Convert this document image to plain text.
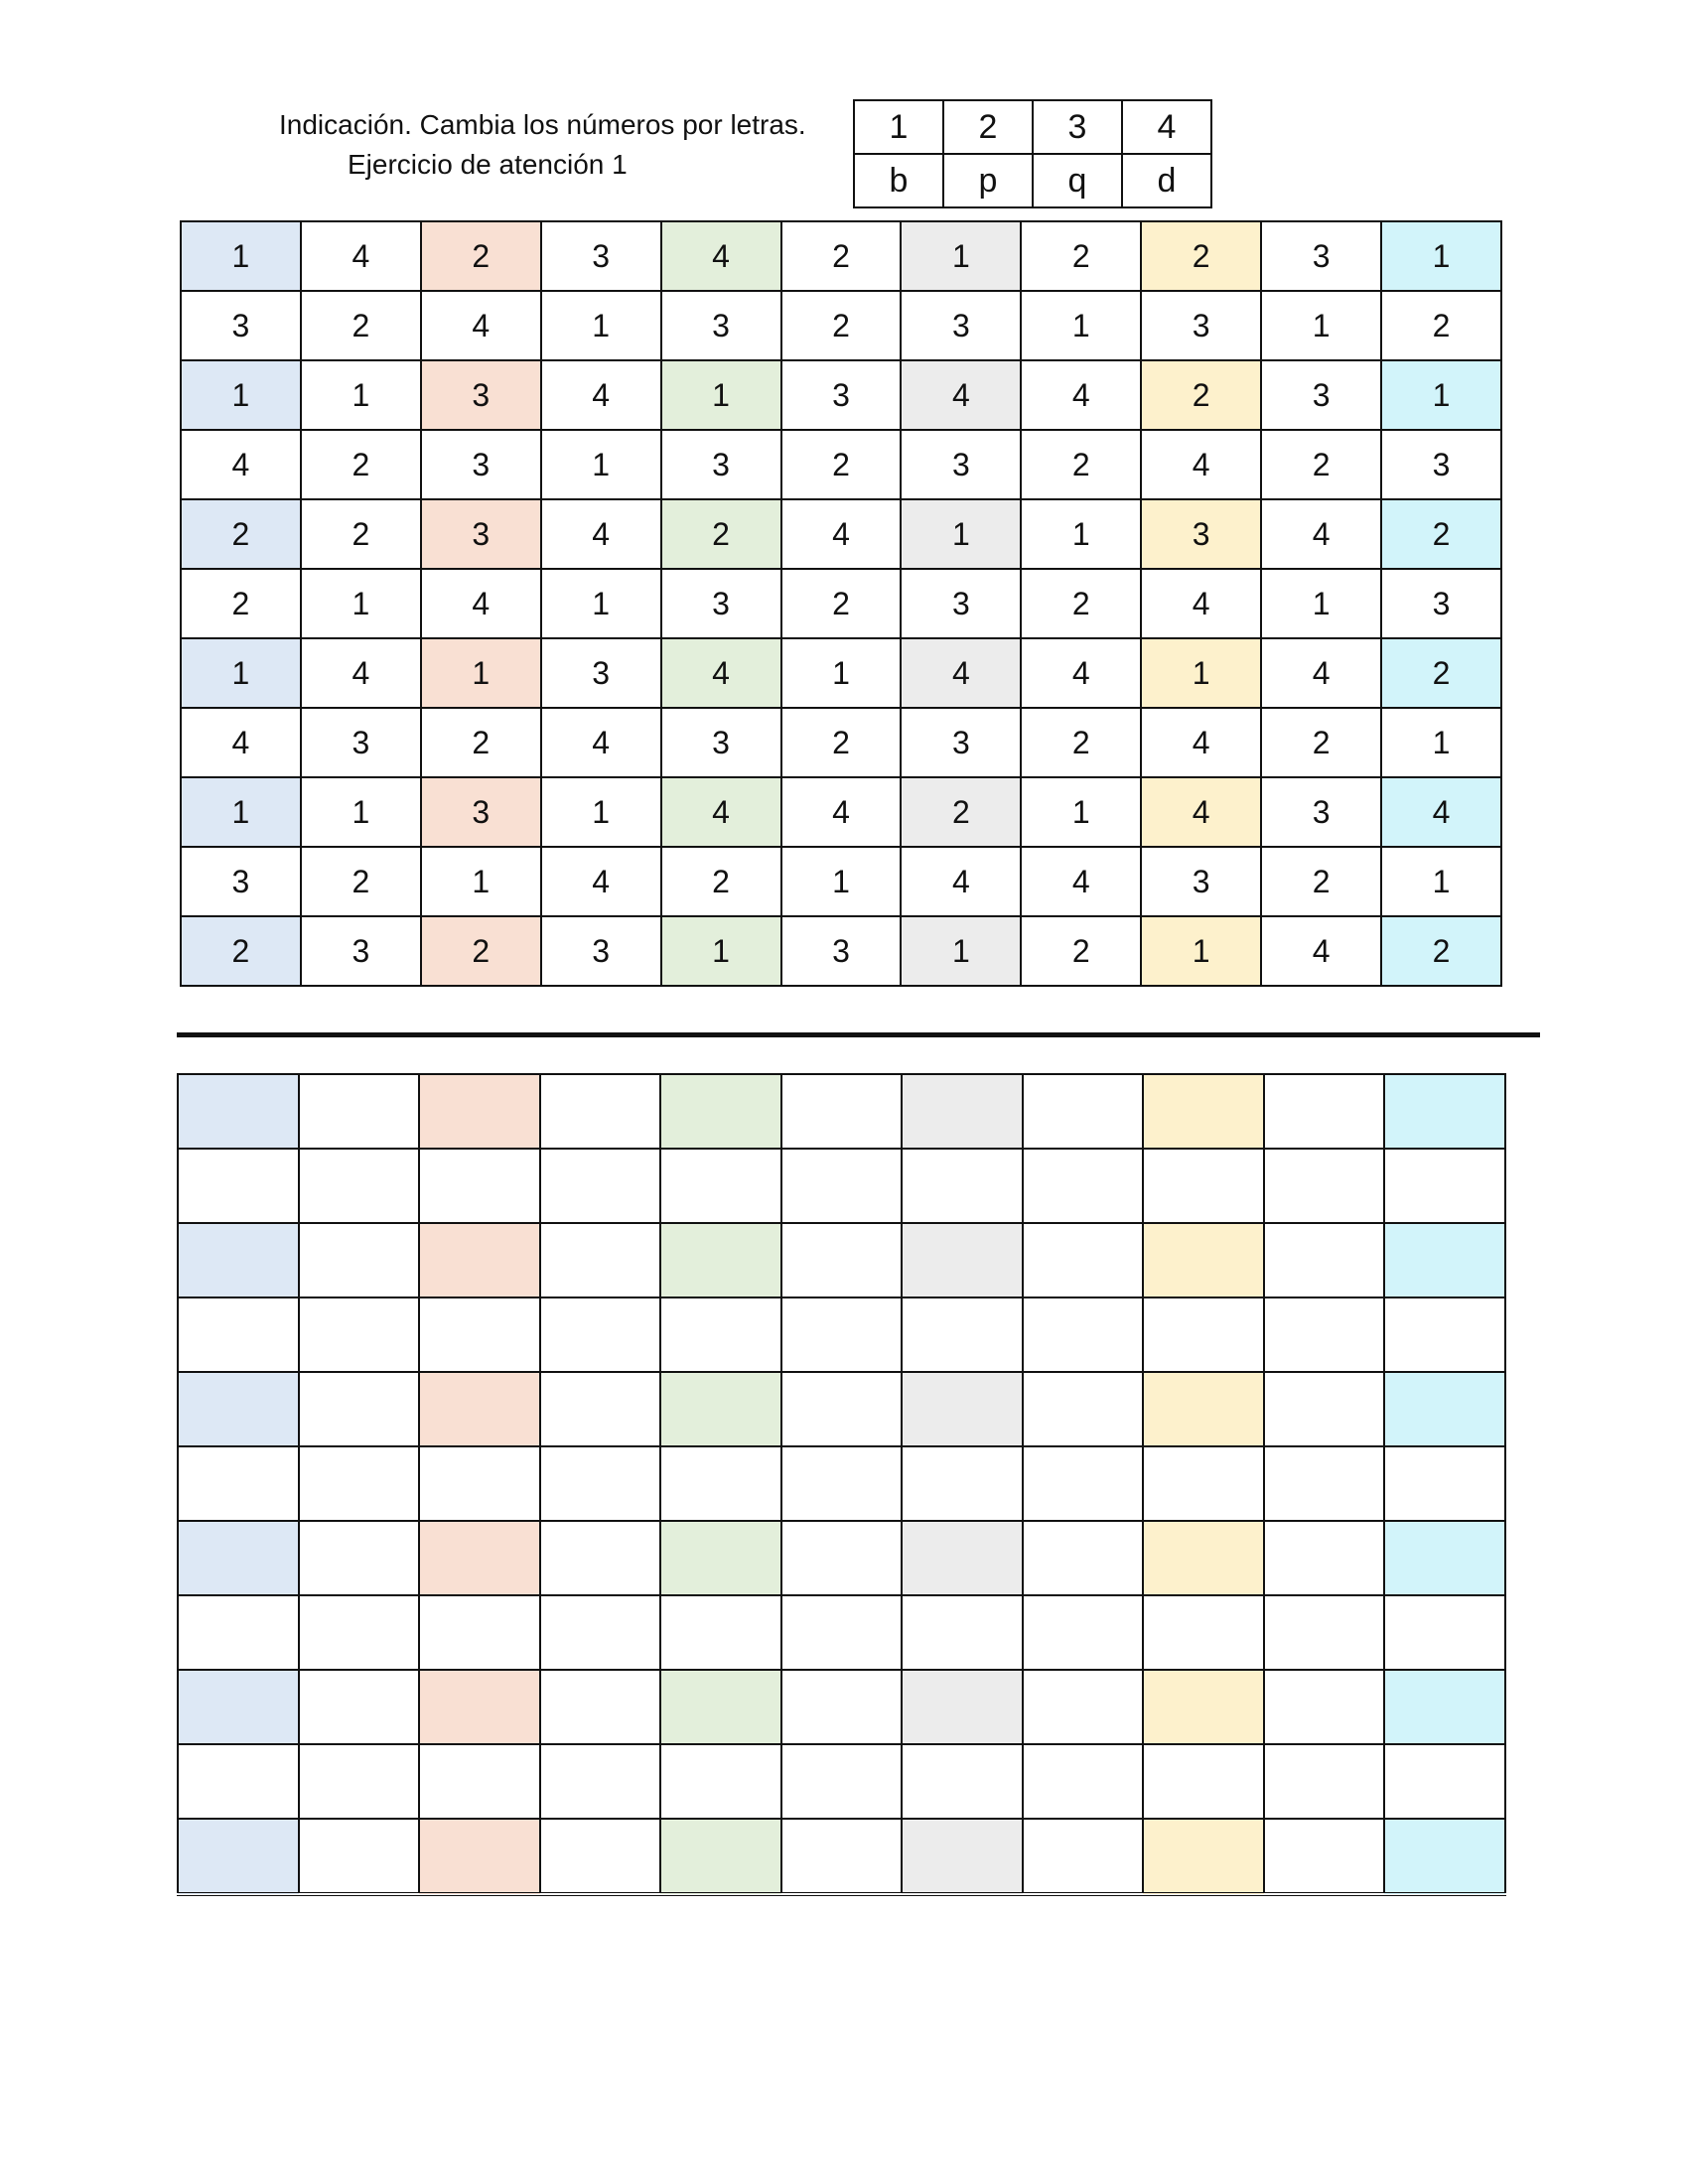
Indicación. Cambia los números por letras.
Ejercicio de atención 1
1	2	3	4
b	p	q	d
1	4	2	3	4	2	1	2	2	3	1
3	2	4	1	3	2	3	1	3	1	2
1	1	3	4	1	3	4	4	2	3	1
4	2	3	1	3	2	3	2	4	2	3
2	2	3	4	2	4	1	1	3	4	2
2	1	4	1	3	2	3	2	4	1	3
1	4	1	3	4	1	4	4	1	4	2
4	3	2	4	3	2	3	2	4	2	1
1	1	3	1	4	4	2	1	4	3	4
3	2	1	4	2	1	4	4	3	2	1
2	3	2	3	1	3	1	2	1	4	2
